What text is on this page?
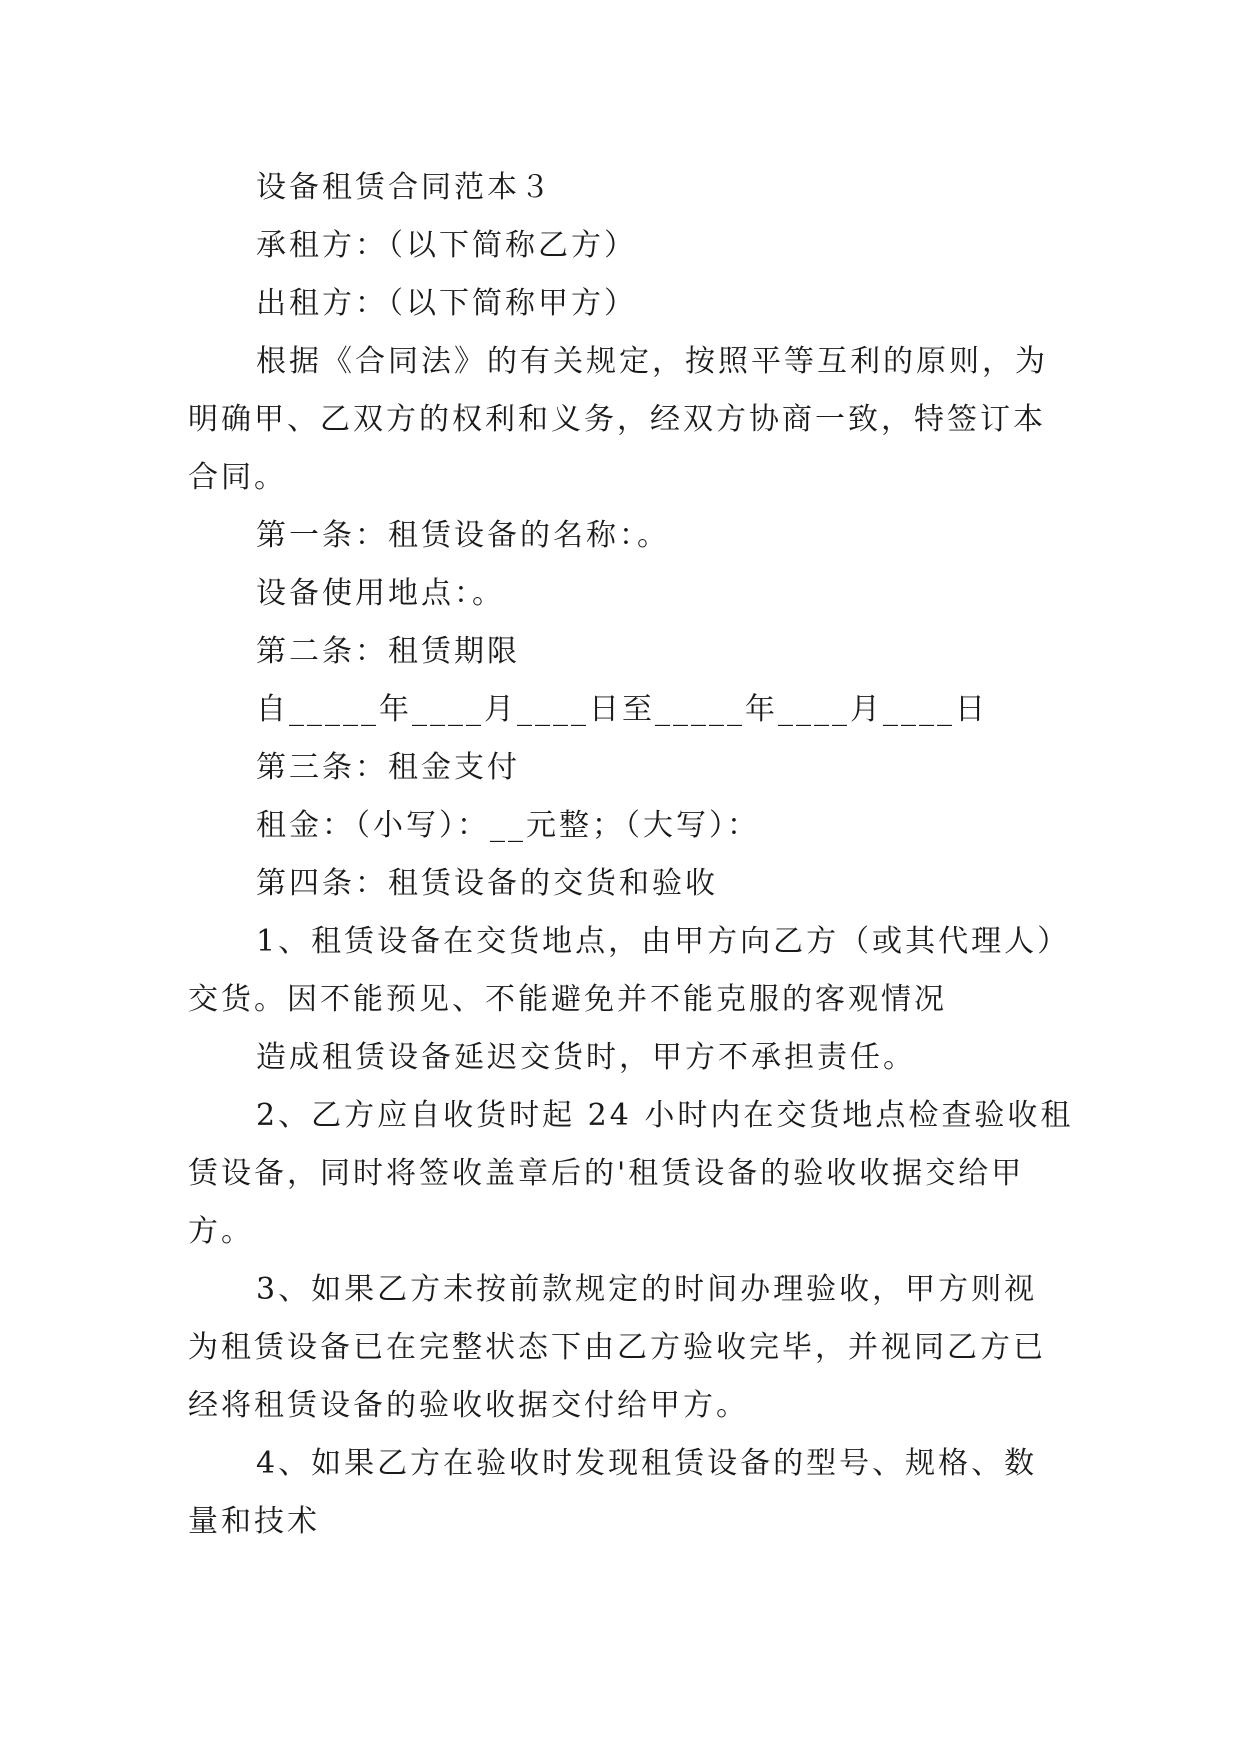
设备租赁合同范本３
承租方：（以下简称乙方）
出租方：（以下简称甲方）
根据《合同法》的有关规定，按照平等互利的原则，为
明确甲、乙双方的权利和义务，经双方协商一致，特签订本
合同。
第一条：租赁设备的名称：。
设备使用地点：。
第二条：租赁期限
自_____年____月____日至_____年____月____日
第三条：租金支付
租金：（小写）：__元整；（大写）：
第四条：租赁设备的交货和验收
1、租赁设备在交货地点，由甲方向乙方（或其代理人）
交货。因不能预见、不能避免并不能克服的客观情况
造成租赁设备延迟交货时，甲方不承担责任。
2、乙方应自收货时起 24 小时内在交货地点检查验收租
赁设备，同时将签收盖章后的'租赁设备的验收收据交给甲
方。
3、如果乙方未按前款规定的时间办理验收，甲方则视
为租赁设备已在完整状态下由乙方验收完毕，并视同乙方已
经将租赁设备的验收收据交付给甲方。
4、如果乙方在验收时发现租赁设备的型号、规格、数
量和技术
